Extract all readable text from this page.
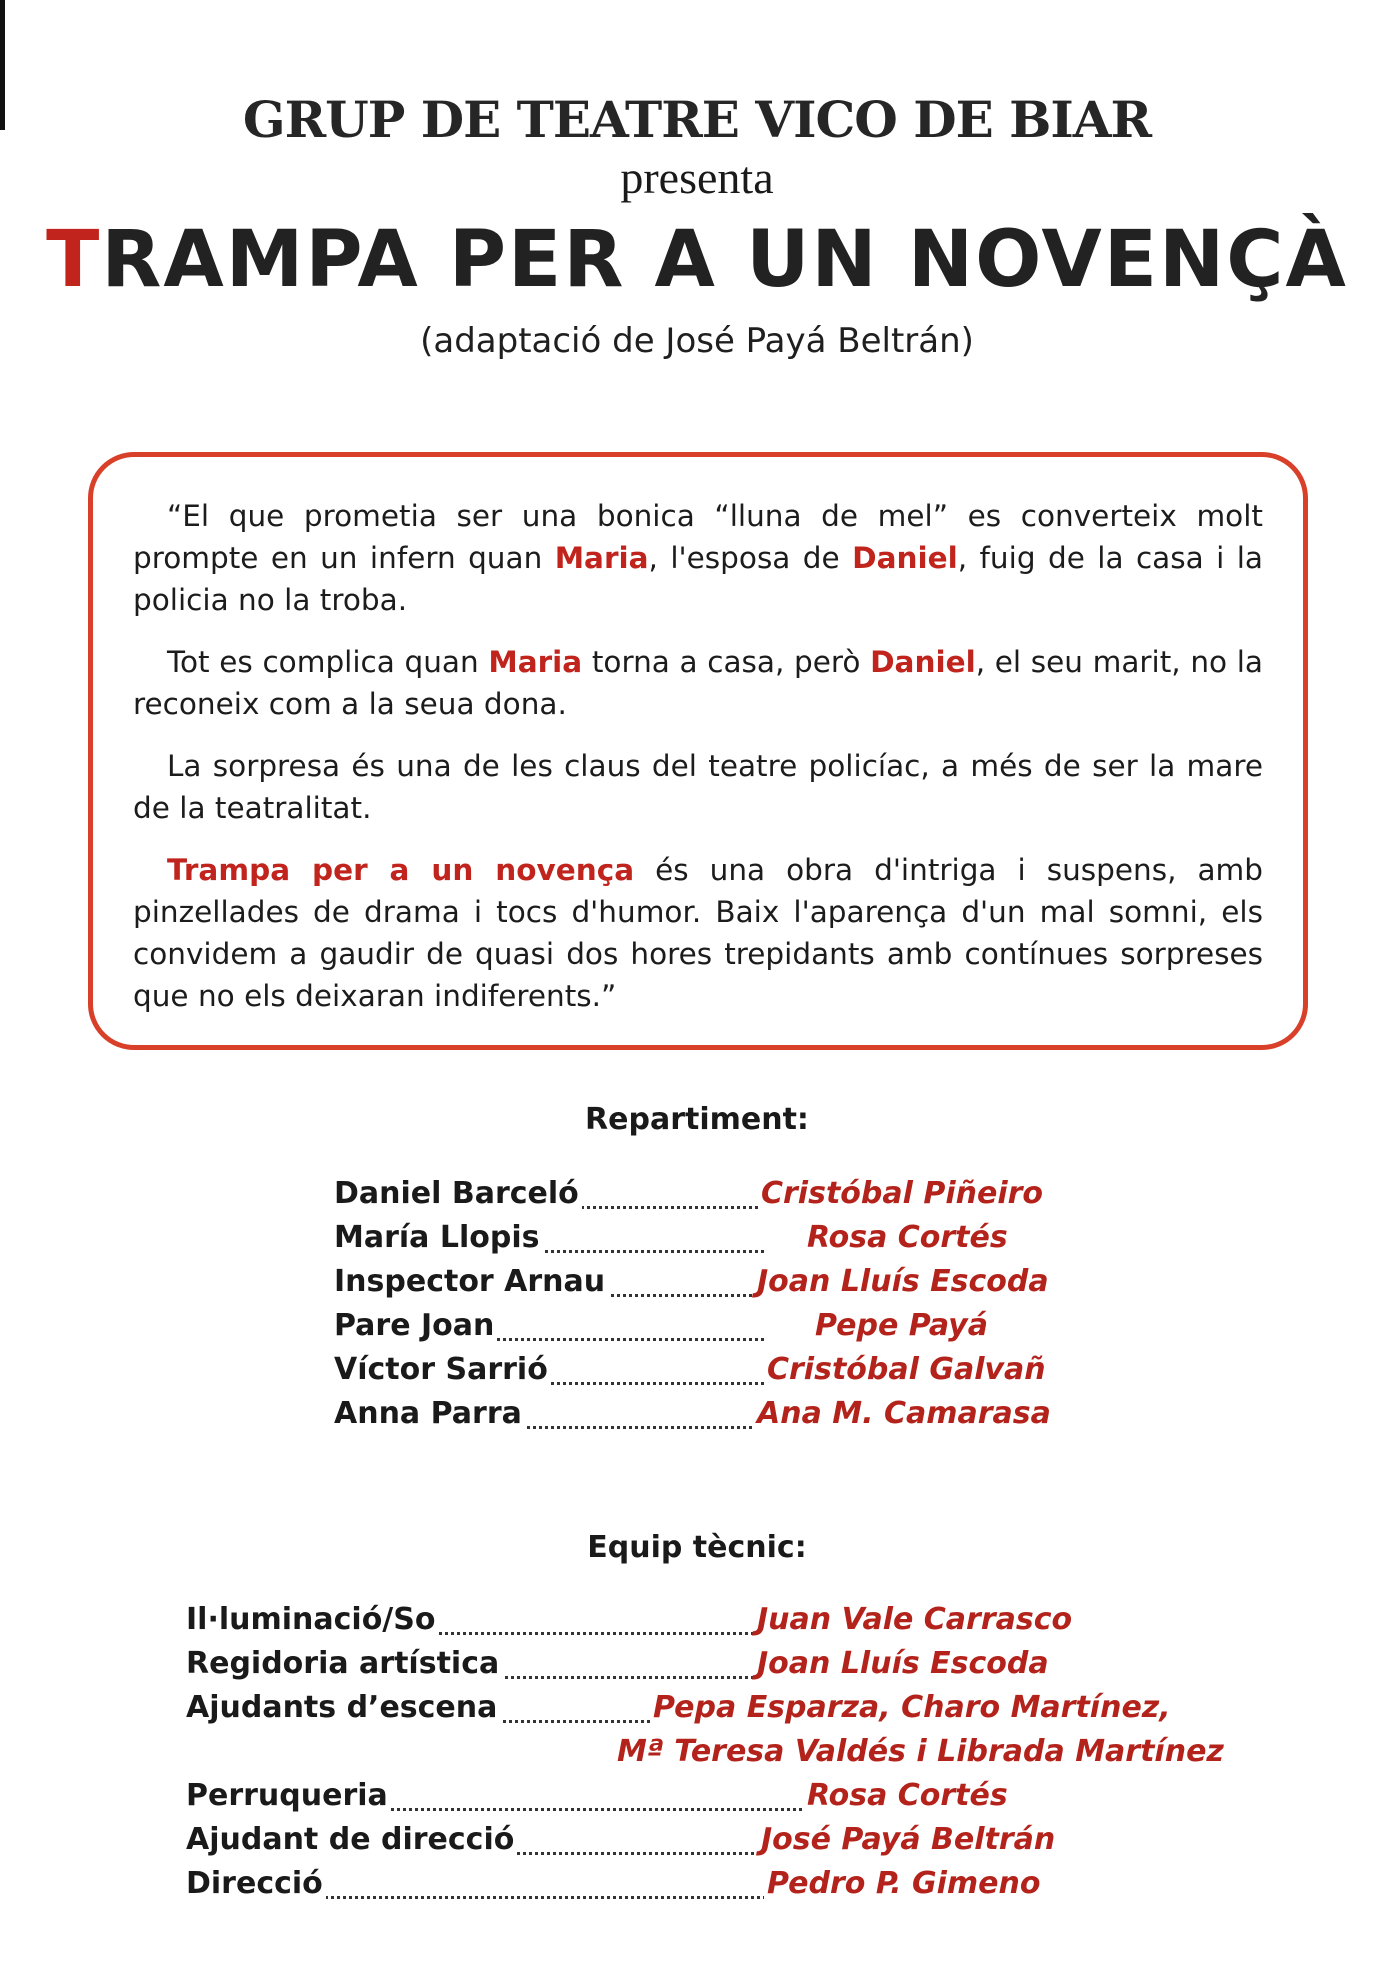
GRUP DE TEATRE VICO DE BIAR
presenta
TRAMPA PER A UN NOVENÇÀ
(adaptació de José Payá Beltrán)

“El que prometia ser una bonica “lluna de mel” es converteix molt prompte en un infern quan Maria, l'esposa de Daniel, fuig de la casa i la policia no la troba.

Tot es complica quan Maria torna a casa, però Daniel, el seu marit, no la reconeix com a la seua dona.

La sorpresa és una de les claus del teatre policíac, a més de ser la mare de la teatralitat.

Trampa per a un novença és una obra d'intriga i suspens, amb pinzellades de drama i tocs d'humor. Baix l'aparença d'un mal somni, els convidem a gaudir de quasi dos hores trepidants amb contínues sorpreses que no els deixaran indiferents.”

Repartiment:
Daniel Barceló	Cristóbal Piñeiro
María Llopis	Rosa Cortés
Inspector Arnau	Joan Lluís Escoda
Pare Joan	Pepe Payá
Víctor Sarrió	Cristóbal Galvañ
Anna Parra	Ana M. Camarasa
Equip tècnic:
Il·luminació/So	Juan Vale Carrasco
Regidoria artística	Joan Lluís Escoda
Ajudants d’escena	Pepa Esparza, Charo Martínez,
Mª Teresa Valdés i Librada Martínez
Perruqueria	Rosa Cortés
Ajudant de direcció	José Payá Beltrán
Direcció	Pedro P. Gimeno
